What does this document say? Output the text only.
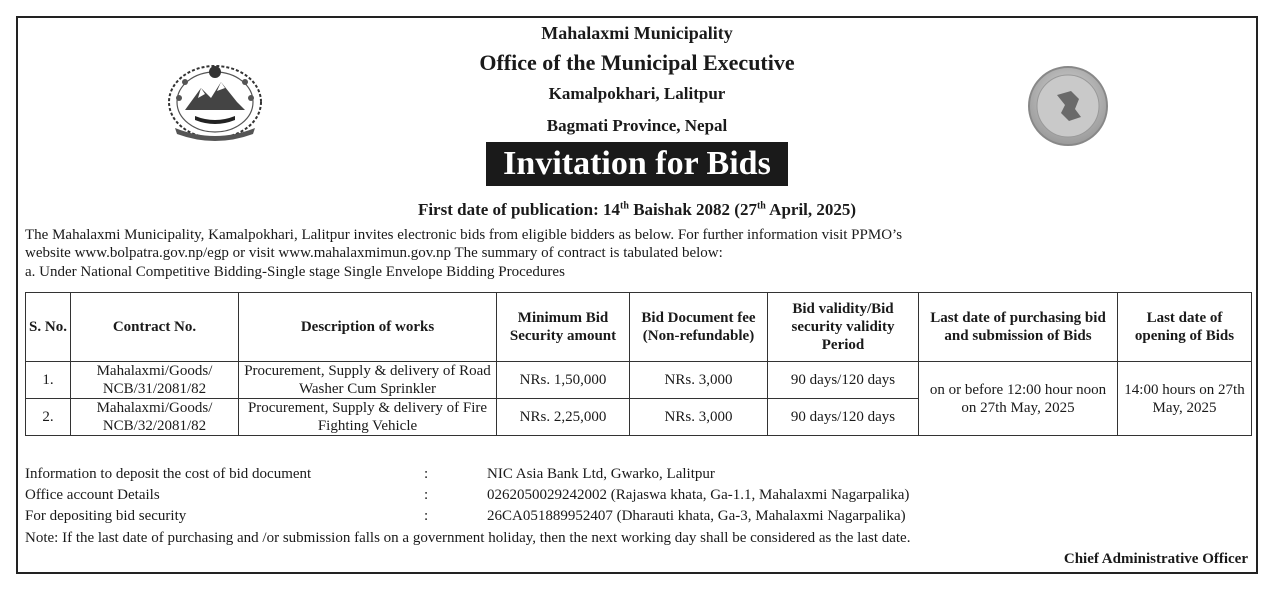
Mahalaxmi Municipality
Office of the Municipal Executive
Kamalpokhari, Lalitpur
Bagmati Province, Nepal
Invitation for Bids
First date of publication: 14th Baishak 2082 (27th April, 2025)
The Mahalaxmi Municipality, Kamalpokhari, Lalitpur invites electronic bids from eligible bidders as below. For further information visit PPMO’s
website www.bolpatra.gov.np/egp or visit www.mahalaxmimun.gov.np The summary of contract is tabulated below:
a. Under National Competitive Bidding-Single stage Single Envelope Bidding Procedures
S. No.	Contract No.	Description of works	Minimum Bid Security amount	Bid Document fee (Non-refundable)	Bid validity/Bid security validity Period	Last date of purchasing bid and submission of Bids	Last date of opening of Bids
1.	Mahalaxmi/Goods/ NCB/31/2081/82	Procurement, Supply & delivery of Road Washer Cum Sprinkler	NRs. 1,50,000	NRs. 3,000	90 days/120 days	on or before 12:00 hour noon on 27th May, 2025	14:00 hours on 27th May, 2025
2.	Mahalaxmi/Goods/ NCB/32/2081/82	Procurement, Supply & delivery of Fire Fighting Vehicle	NRs. 2,25,000	NRs. 3,000	90 days/120 days		
Information to deposit the cost of bid document	:	NIC Asia Bank Ltd, Gwarko, Lalitpur
Office account Details	:	0262050029242002 (Rajaswa khata, Ga-1.1, Mahalaxmi Nagarpalika)
For depositing bid security	:	26CA051889952407 (Dharauti khata, Ga-3, Mahalaxmi Nagarpalika)
Note: If the last date of purchasing and /or submission falls on a government holiday, then the next working day shall be considered as the last date.
Chief Administrative Officer
